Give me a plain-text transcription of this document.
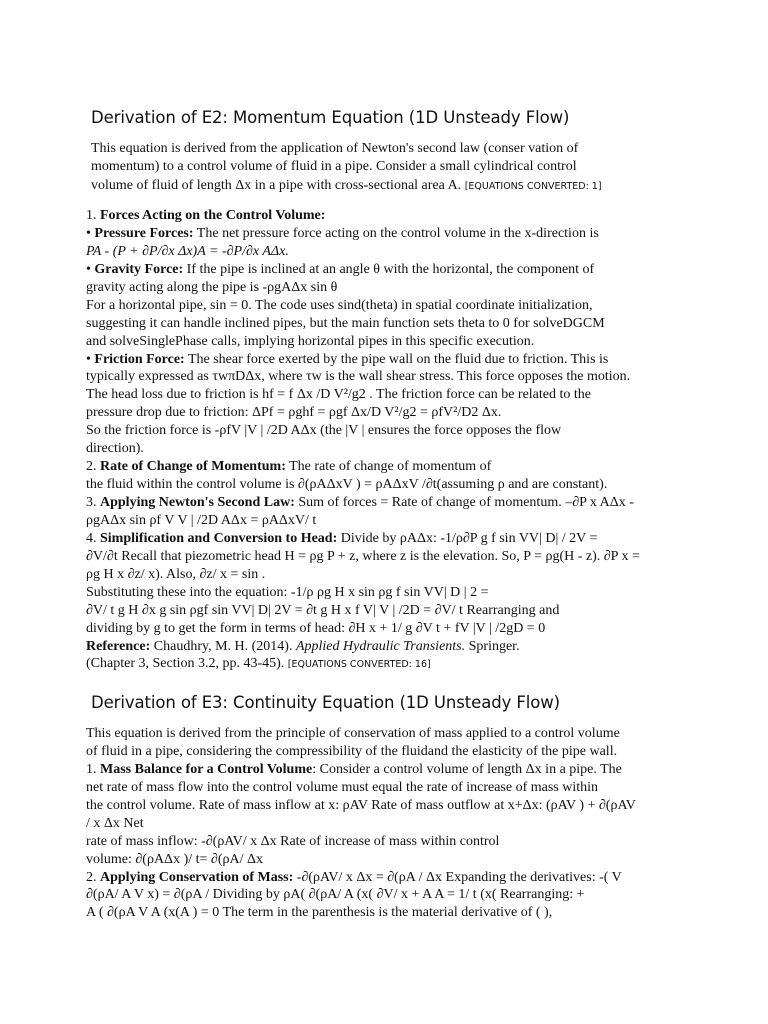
Derivation of E2: Momentum Equation (1D Unsteady Flow)
This equation is derived from the application of Newton's second law (conser vation of
momentum) to a control volume of fluid in a pipe. Consider a small cylindrical control
volume of fluid of length Δx in a pipe with cross-sectional area A. [EQUATIONS CONVERTED: 1]
1. Forces Acting on the Control Volume:
• Pressure Forces: The net pressure force acting on the control volume in the x-direction is
PA - (P + ∂P/∂x Δx)A = -∂P/∂x AΔx.
• Gravity Force: If the pipe is inclined at an angle θ with the horizontal, the component of
gravity acting along the pipe is -ρgAΔx sin θ
For a horizontal pipe, sin = 0. The code uses sind(theta) in spatial coordinate initialization,
suggesting it can handle inclined pipes, but the main function sets theta to 0 for solveDGCM
and solveSinglePhase calls, implying horizontal pipes in this specific execution.
• Friction Force: The shear force exerted by the pipe wall on the fluid due to friction. This is
typically expressed as τwπDΔx, where τw is the wall shear stress. This force opposes the motion.
The head loss due to friction is hf = f Δx /D V²/g2 . The friction force can be related to the
pressure drop due to friction: ΔPf = ρghf = ρgf Δx/D V²/g2 = ρfV²/D2 Δx.
So the friction force is -ρfV |V | /2D AΔx (the |V | ensures the force opposes the flow
direction).
2. Rate of Change of Momentum: The rate of change of momentum of
the fluid within the control volume is ∂(ρAΔxV ) = ρAΔxV /∂t(assuming ρ and are constant).
3. Applying Newton's Second Law: Sum of forces = Rate of change of momentum. –∂P x AΔx -
ρgAΔx sin ρf V V | /2D AΔx = ρAΔxV/ t
4. Simplification and Conversion to Head: Divide by ρAΔx: -1/ρ∂P g f sin VV| D| / 2V =
∂V/∂t Recall that piezometric head H = ρg P + z, where z is the elevation. So, P = ρg(H - z). ∂P x =
ρg H x ∂z/ x). Also, ∂z/ x = sin .
Substituting these into the equation: -1/ρ ρg H x sin ρg f sin VV| D | 2 =
∂V/ t g H ∂x g sin ρgf sin VV| D| 2V = ∂t g H x f V| V | /2D = ∂V/ t Rearranging and
dividing by g to get the form in terms of head: ∂H x + 1/ g ∂V t + fV |V | /2gD = 0
Reference: Chaudhry, M. H. (2014). Applied Hydraulic Transients. Springer.
(Chapter 3, Section 3.2, pp. 43-45). [EQUATIONS CONVERTED: 16]
Derivation of E3: Continuity Equation (1D Unsteady Flow)
This equation is derived from the principle of conservation of mass applied to a control volume
of fluid in a pipe, considering the compressibility of the fluidand the elasticity of the pipe wall.
1. Mass Balance for a Control Volume: Consider a control volume of length Δx in a pipe. The
net rate of mass flow into the control volume must equal the rate of increase of mass within
the control volume. Rate of mass inflow at x: ρAV Rate of mass outflow at x+Δx: (ρAV ) + ∂(ρAV
/ x Δx Net
rate of mass inflow: -∂(ρAV/ x Δx Rate of increase of mass within control
volume: ∂(ρAΔx )/ t= ∂(ρA/ Δx
2. Applying Conservation of Mass: -∂(ρAV/ x Δx = ∂(ρA / Δx Expanding the derivatives: -( V
∂(ρA/ A V x) = ∂(ρA / Dividing by ρA( ∂(ρA/ A (x( ∂V/ x + A A = 1/ t (x( Rearranging: +
A ( ∂(ρA V A (x(A ) = 0 The term in the parenthesis is the material derivative of ( ),
